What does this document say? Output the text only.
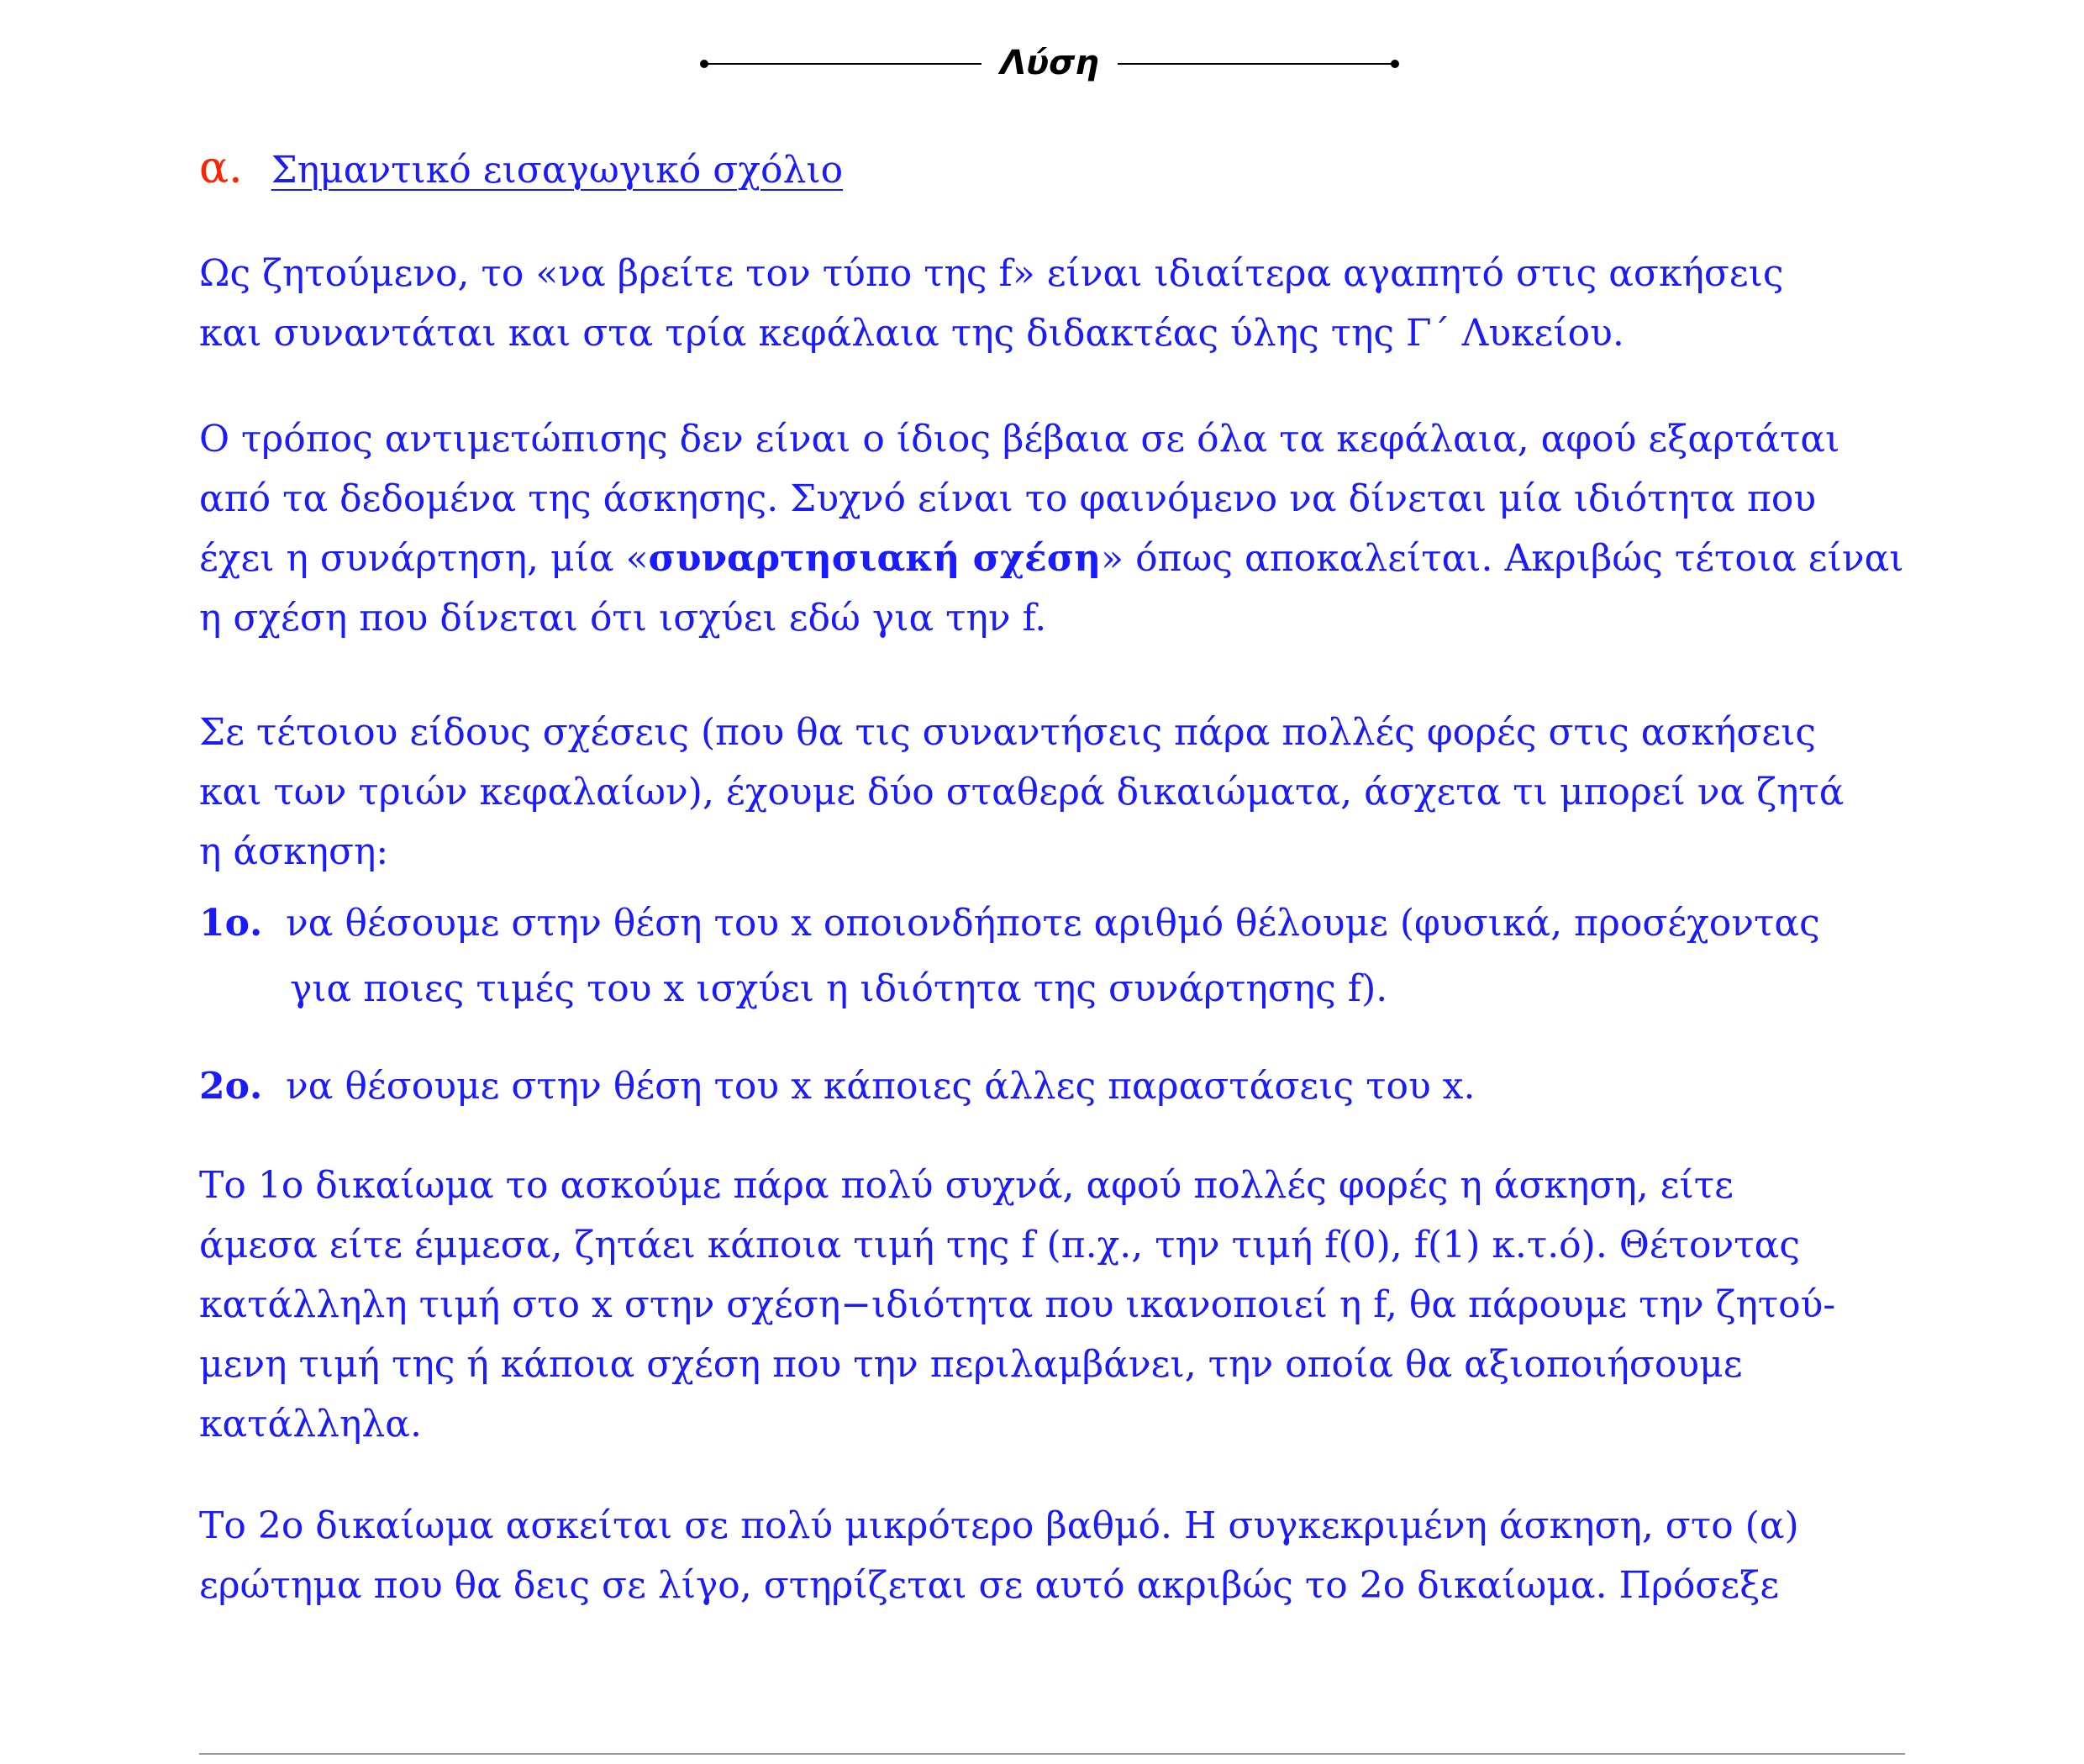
Λύση
α. Σημαντικό εισαγωγικό σχόλιο
Ως ζητούμενο, το «να βρείτε τον τύπο της f» είναι ιδιαίτερα αγαπητό στις ασκήσεις
και συναντάται και στα τρία κεφάλαια της διδακτέας ύλης της Γ΄ Λυκείου.
Ο τρόπος αντιμετώπισης δεν είναι ο ίδιος βέβαια σε όλα τα κεφάλαια, αφού εξαρτάται
από τα δεδομένα της άσκησης. Συχνό είναι το φαινόμενο να δίνεται μία ιδιότητα που
έχει η συνάρτηση, μία «συναρτησιακή σχέση» όπως αποκαλείται. Ακριβώς τέτοια είναι
η σχέση που δίνεται ότι ισχύει εδώ για την f.
Σε τέτοιου είδους σχέσεις (που θα τις συναντήσεις πάρα πολλές φορές στις ασκήσεις
και των τριών κεφαλαίων), έχουμε δύο σταθερά δικαιώματα, άσχετα τι μπορεί να ζητά
η άσκηση:
1ο. να θέσουμε στην θέση του x οποιονδήποτε αριθμό θέλουμε (φυσικά, προσέχοντας
για ποιες τιμές του x ισχύει η ιδιότητα της συνάρτησης f).
2ο. να θέσουμε στην θέση του x κάποιες άλλες παραστάσεις του x.
Το 1ο δικαίωμα το ασκούμε πάρα πολύ συχνά, αφού πολλές φορές η άσκηση, είτε
άμεσα είτε έμμεσα, ζητάει κάποια τιμή της f (π.χ., την τιμή f(0), f(1) κ.τ.ό). Θέτοντας
κατάλληλη τιμή στο x στην σχέση−ιδιότητα που ικανοποιεί η f, θα πάρουμε την ζητού-
μενη τιμή της ή κάποια σχέση που την περιλαμβάνει, την οποία θα αξιοποιήσουμε
κατάλληλα.
Το 2ο δικαίωμα ασκείται σε πολύ μικρότερο βαθμό. Η συγκεκριμένη άσκηση, στο (α)
ερώτημα που θα δεις σε λίγο, στηρίζεται σε αυτό ακριβώς το 2ο δικαίωμα. Πρόσεξε
